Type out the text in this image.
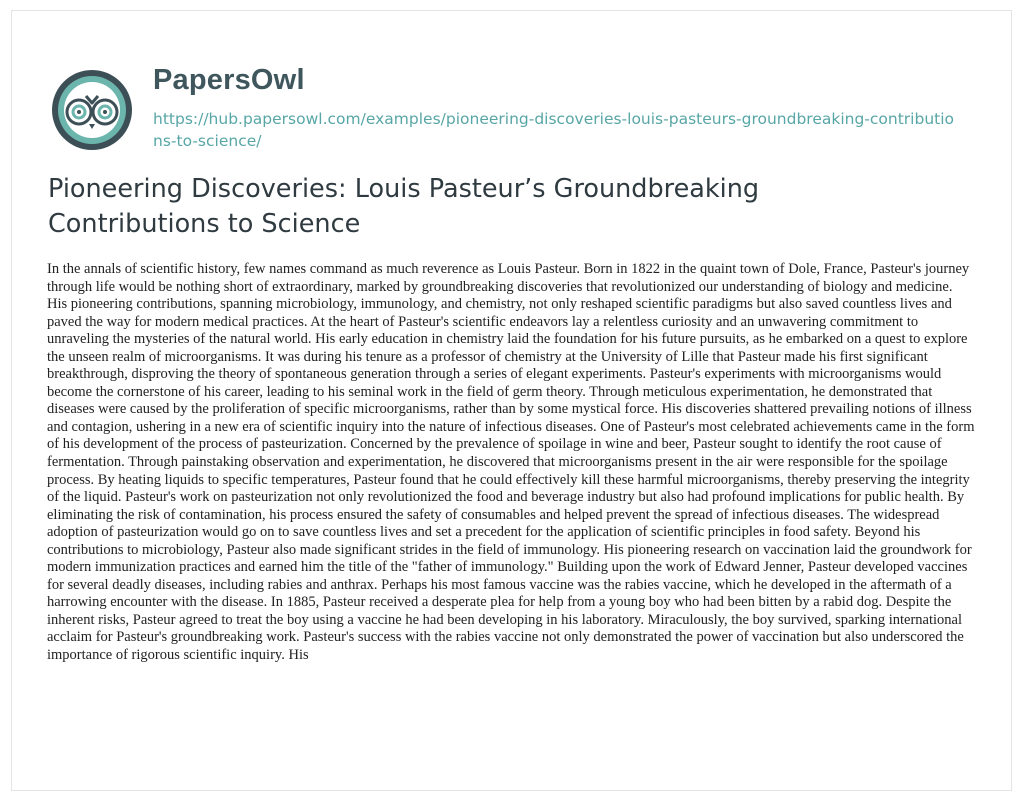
PapersOwl
https://hub.papersowl.com/examples/pioneering-discoveries-louis-pasteurs-groundbreaking-contributions-to-science/
Pioneering Discoveries: Louis Pasteur’s Groundbreaking Contributions to Science

In the annals of scientific history, few names command as much reverence as Louis Pasteur. Born in 1822 in the quaint town of Dole, France, Pasteur's journey through life would be nothing short of extraordinary, marked by groundbreaking discoveries that revolutionized our understanding of biology and medicine. His pioneering contributions, spanning microbiology, immunology, and chemistry, not only reshaped scientific paradigms but also saved countless lives and paved the way for modern medical practices. At the heart of Pasteur's scientific endeavors lay a relentless curiosity and an unwavering commitment to unraveling the mysteries of the natural world. His early education in chemistry laid the foundation for his future pursuits, as he embarked on a quest to explore the unseen realm of microorganisms. It was during his tenure as a professor of chemistry at the University of Lille that Pasteur made his first significant breakthrough, disproving the theory of spontaneous generation through a series of elegant experiments. Pasteur's experiments with microorganisms would become the cornerstone of his career, leading to his seminal work in the field of germ theory. Through meticulous experimentation, he demonstrated that diseases were caused by the proliferation of specific microorganisms, rather than by some mystical force. His discoveries shattered prevailing notions of illness and contagion, ushering in a new era of scientific inquiry into the nature of infectious diseases. One of Pasteur's most celebrated achievements came in the form of his development of the process of pasteurization. Concerned by the prevalence of spoilage in wine and beer, Pasteur sought to identify the root cause of fermentation. Through painstaking observation and experimentation, he discovered that microorganisms present in the air were responsible for the spoilage process. By heating liquids to specific temperatures, Pasteur found that he could effectively kill these harmful microorganisms, thereby preserving the integrity of the liquid. Pasteur's work on pasteurization not only revolutionized the food and beverage industry but also had profound implications for public health. By eliminating the risk of contamination, his process ensured the safety of consumables and helped prevent the spread of infectious diseases. The widespread adoption of pasteurization would go on to save countless lives and set a precedent for the application of scientific principles in food safety. Beyond his contributions to microbiology, Pasteur also made significant strides in the field of immunology. His pioneering research on vaccination laid the groundwork for modern immunization practices and earned him the title of the "father of immunology." Building upon the work of Edward Jenner, Pasteur developed vaccines for several deadly diseases, including rabies and anthrax. Perhaps his most famous vaccine was the rabies vaccine, which he developed in the aftermath of a harrowing encounter with the disease. In 1885, Pasteur received a desperate plea for help from a young boy who had been bitten by a rabid dog. Despite the inherent risks, Pasteur agreed to treat the boy using a vaccine he had been developing in his laboratory. Miraculously, the boy survived, sparking international acclaim for Pasteur's groundbreaking work. Pasteur's success with the rabies vaccine not only demonstrated the power of vaccination but also underscored the importance of rigorous scientific inquiry. His
